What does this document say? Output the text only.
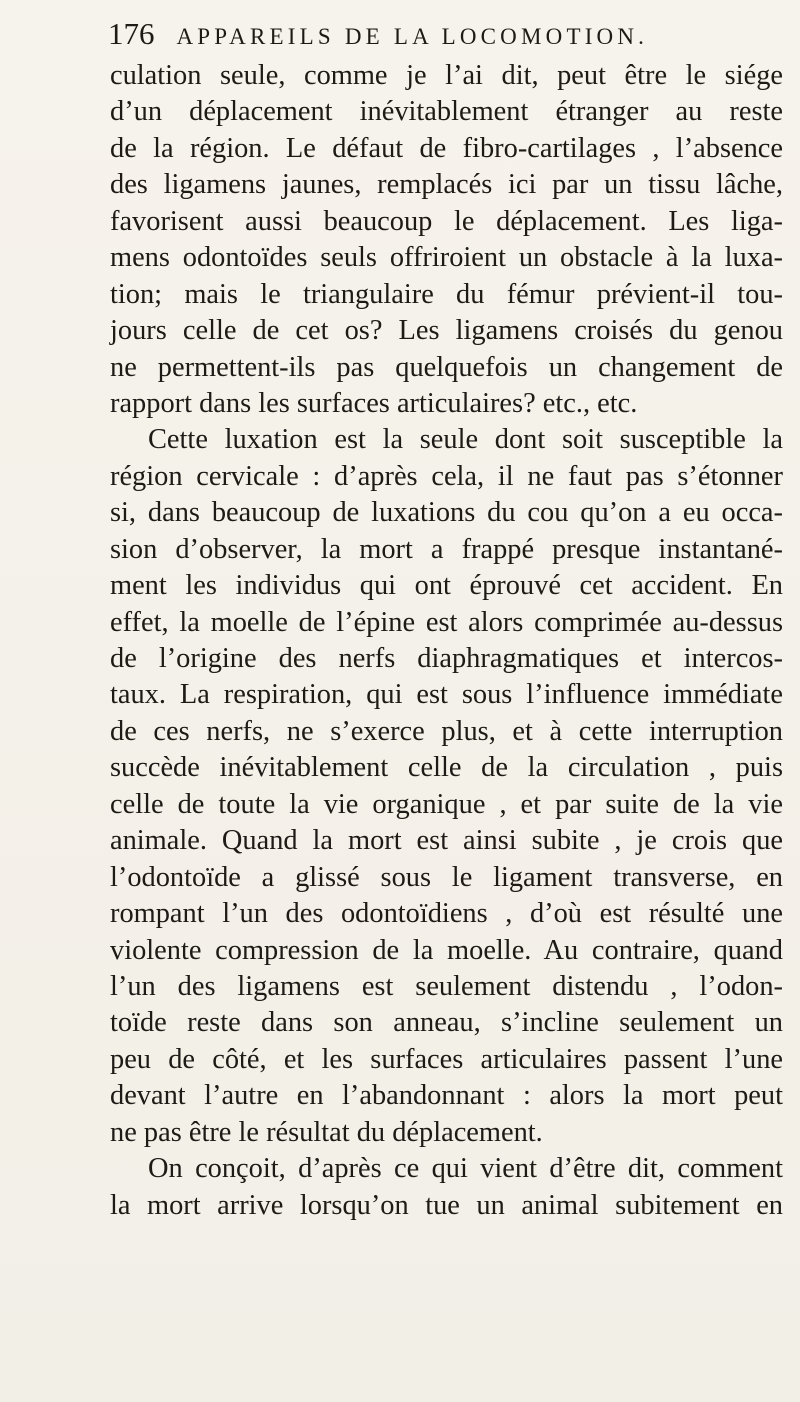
176 APPAREILS DE LA LOCOMOTION.
culation seule, comme je l’ai dit, peut être le siége
d’un déplacement inévitablement étranger au reste
de la région. Le défaut de fibro-cartilages , l’absence
des ligamens jaunes, remplacés ici par un tissu lâche,
favorisent aussi beaucoup le déplacement. Les liga-
mens odontoïdes seuls offriroient un obstacle à la luxa-
tion; mais le triangulaire du fémur prévient-il tou-
jours celle de cet os? Les ligamens croisés du genou
ne permettent-ils pas quelquefois un changement de
rapport dans les surfaces articulaires? etc., etc.
Cette luxation est la seule dont soit susceptible la
région cervicale : d’après cela, il ne faut pas s’étonner
si, dans beaucoup de luxations du cou qu’on a eu occa-
sion d’observer, la mort a frappé presque instantané-
ment les individus qui ont éprouvé cet accident. En
effet, la moelle de l’épine est alors comprimée au-dessus
de l’origine des nerfs diaphragmatiques et intercos-
taux. La respiration, qui est sous l’influence immédiate
de ces nerfs, ne s’exerce plus, et à cette interruption
succède inévitablement celle de la circulation , puis
celle de toute la vie organique , et par suite de la vie
animale. Quand la mort est ainsi subite , je crois que
l’odontoïde a glissé sous le ligament transverse, en
rompant l’un des odontoïdiens , d’où est résulté une
violente compression de la moelle. Au contraire, quand
l’un des ligamens est seulement distendu , l’odon-
toïde reste dans son anneau, s’incline seulement un
peu de côté, et les surfaces articulaires passent l’une
devant l’autre en l’abandonnant : alors la mort peut
ne pas être le résultat du déplacement.
On conçoit, d’après ce qui vient d’être dit, comment
la mort arrive lorsqu’on tue un animal subitement en
